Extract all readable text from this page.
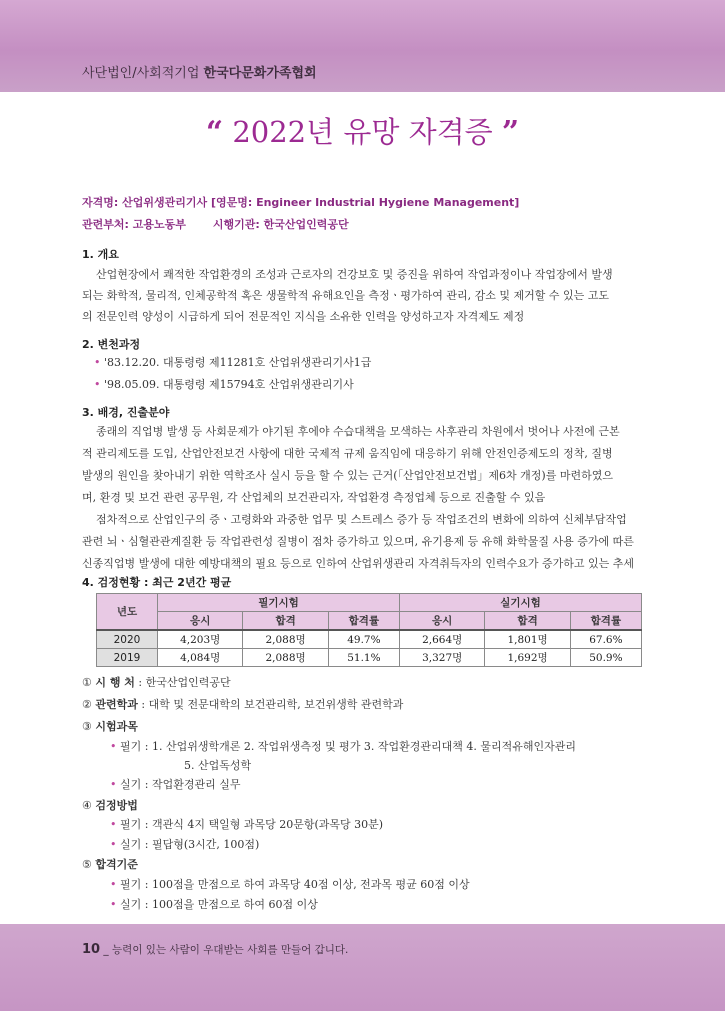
사단법인/사회적기업 한국다문화가족협회
“ 2022년 유망 자격증 ”
자격명: 산업위생관리기사 [영문명: Engineer Industrial Hygiene Management]
관련부처: 고용노동부 시행기관: 한국산업인력공단
1. 개요
산업현장에서 쾌적한 작업환경의 조성과 근로자의 건강보호 및 증진을 위하여 작업과정이나 작업장에서 발생
되는 화학적, 물리적, 인체공학적 혹은 생물학적 유해요인을 측정ㆍ평가하여 관리, 감소 및 제거할 수 있는 고도
의 전문인력 양성이 시급하게 되어 전문적인 지식을 소유한 인력을 양성하고자 자격제도 제정
2. 변천과정
• '83.12.20. 대통령령 제11281호 산업위생관리기사1급
• '98.05.09. 대통령령 제15794호 산업위생관리기사
3. 배경, 진출분야
종래의 직업병 발생 등 사회문제가 야기된 후에야 수습대책을 모색하는 사후관리 차원에서 벗어나 사전에 근본
적 관리제도를 도입, 산업안전보건 사항에 대한 국제적 규제 움직임에 대응하기 위해 안전인증제도의 정착, 질병
발생의 원인을 찾아내기 위한 역학조사 실시 등을 할 수 있는 근거(「산업안전보건법」제6차 개정)를 마련하였으
며, 환경 및 보건 관련 공무원, 각 산업체의 보건관리자, 작업환경 측정업체 등으로 진출할 수 있음
점차적으로 산업인구의 증ㆍ고령화와 과중한 업무 및 스트레스 증가 등 작업조건의 변화에 의하여 신체부담작업
관련 뇌ㆍ심혈관관계질환 등 작업관련성 질병이 점차 증가하고 있으며, 유기용제 등 유해 화학물질 사용 증가에 따른
신종직업병 발생에 대한 예방대책의 필요 등으로 인하여 산업위생관리 자격취득자의 인력수요가 증가하고 있는 추세
4. 검정현황 : 최근 2년간 평균
년도	필기시험			실기시험		
	응시	합격	합격률	응시	합격	합격률
2020	4,203명	2,088명	49.7%	2,664명	1,801명	67.6%
2019	4,084명	2,088명	51.1%	3,327명	1,692명	50.9%
① 시 행 처 : 한국산업인력공단
② 관련학과 : 대학 및 전문대학의 보건관리학, 보건위생학 관련학과
③ 시험과목
• 필기 : 1. 산업위생학개론 2. 작업위생측정 및 평가 3. 작업환경관리대책 4. 물리적유해인자관리
5. 산업독성학
• 실기 : 작업환경관리 실무
④ 검정방법
• 필기 : 객관식 4지 택일형 과목당 20문항(과목당 30분)
• 실기 : 필답형(3시간, 100점)
⑤ 합격기준
• 필기 : 100점을 만점으로 하여 과목당 40점 이상, 전과목 평균 60점 이상
• 실기 : 100점을 만점으로 하여 60점 이상
10 _ 능력이 있는 사람이 우대받는 사회를 만들어 갑니다.
